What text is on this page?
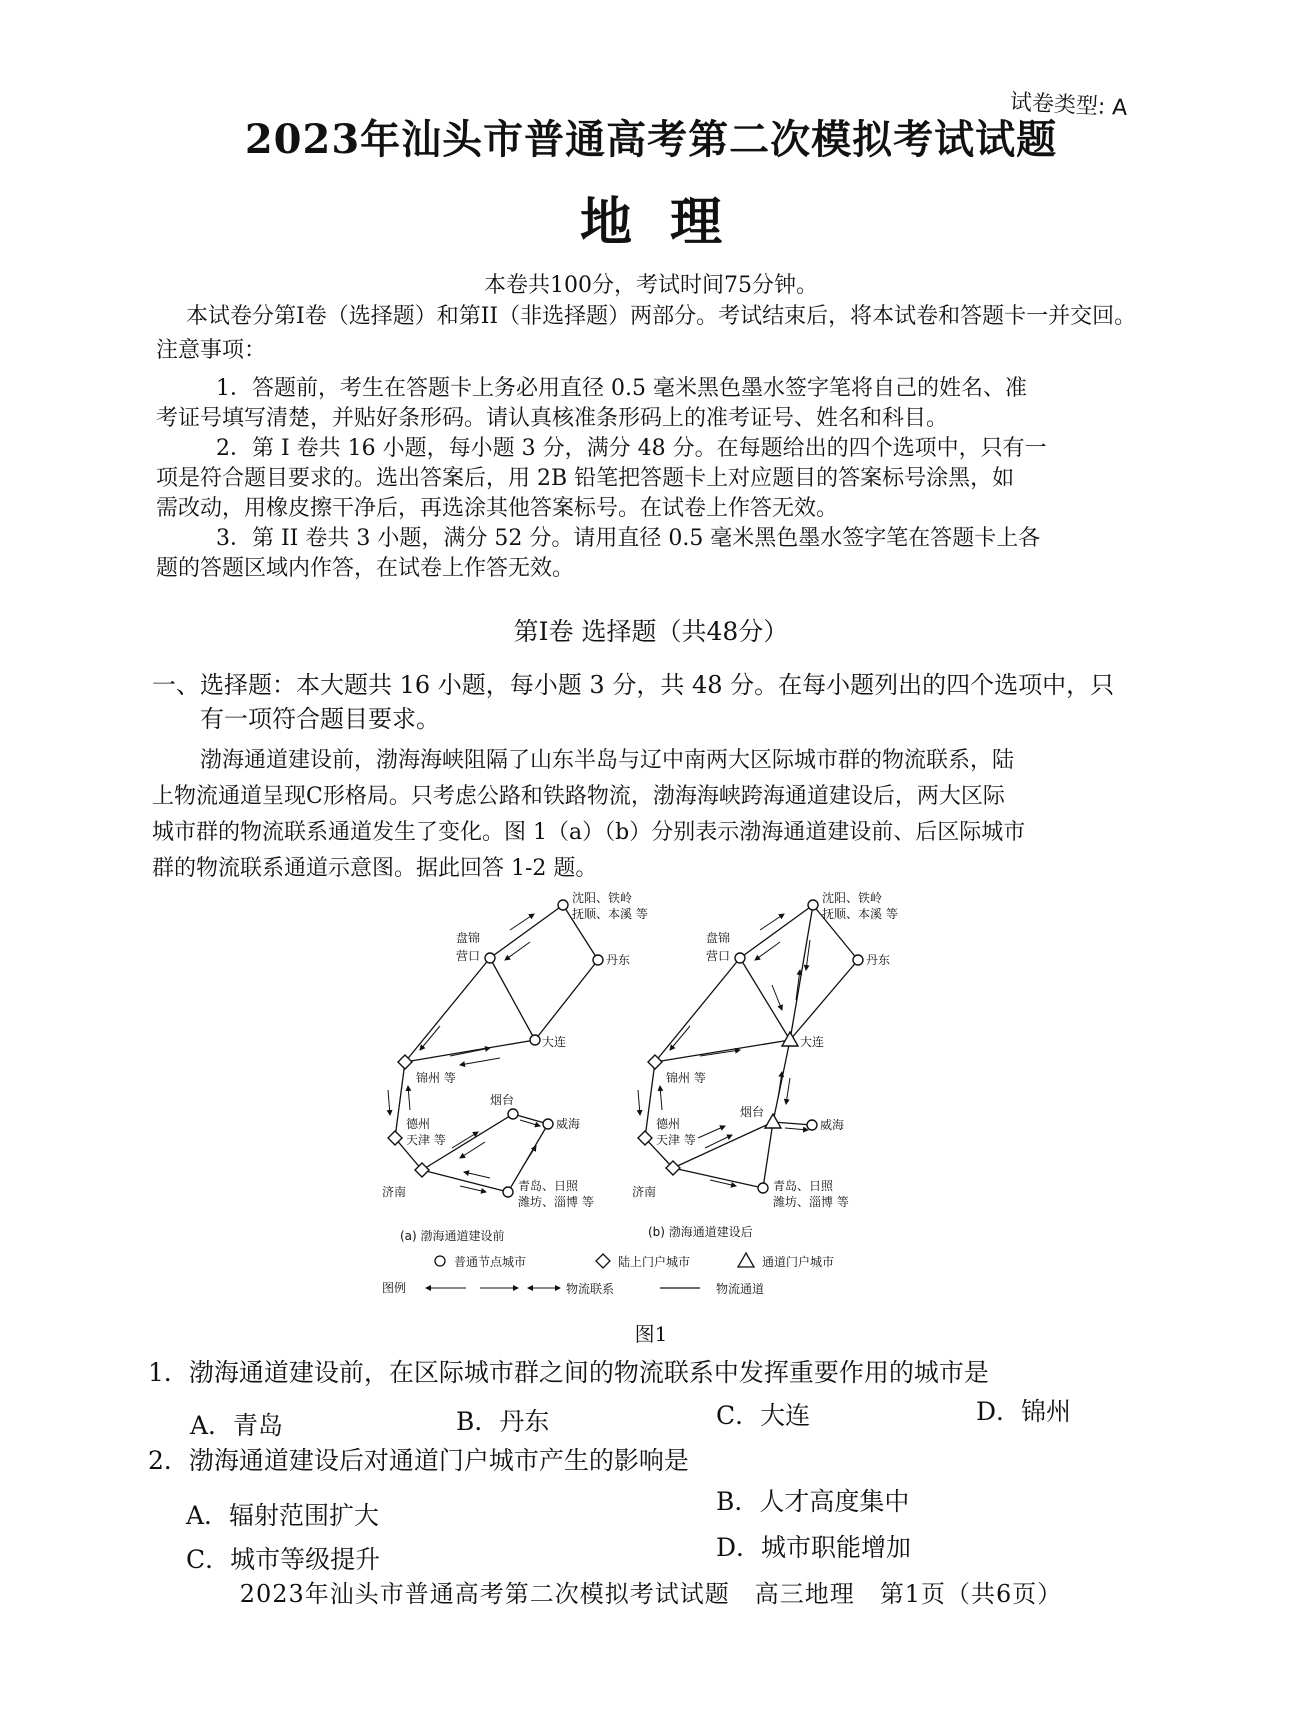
试卷类型: A
2023年汕头市普通高考第二次模拟考试试题
地理
本卷共100分，考试时间75分钟。
本试卷分第I卷（选择题）和第II（非选择题）两部分。考试结束后，将本试卷和答题卡一并交回。
注意事项：
1．答题前，考生在答题卡上务必用直径 0.5 毫米黑色墨水签字笔将自己的姓名、准
考证号填写清楚，并贴好条形码。请认真核准条形码上的准考证号、姓名和科目。
2．第 I 卷共 16 小题，每小题 3 分，满分 48 分。在每题给出的四个选项中，只有一
项是符合题目要求的。选出答案后，用 2B 铅笔把答题卡上对应题目的答案标号涂黑，如
需改动，用橡皮擦干净后，再选涂其他答案标号。在试卷上作答无效。
3．第 II 卷共 3 小题，满分 52 分。请用直径 0.5 毫米黑色墨水签字笔在答题卡上各
题的答题区域内作答，在试卷上作答无效。
第I卷 选择题（共48分）
一、选择题：本大题共 16 小题，每小题 3 分，共 48 分。在每小题列出的四个选项中，只
有一项符合题目要求。
渤海通道建设前，渤海海峡阻隔了山东半岛与辽中南两大区际城市群的物流联系，陆
上物流通道呈现C形格局。只考虑公路和铁路物流，渤海海峡跨海通道建设后，两大区际
城市群的物流联系通道发生了变化。图 1（a）（b）分别表示渤海通道建设前、后区际城市
群的物流联系通道示意图。据此回答 1-2 题。
沈阳、铁岭
抚顺、本溪 等
盘锦
营口	丹东
大连
锦州 等
烟台
威海
德州
天津 等
济南	青岛、日照
潍坊、淄博 等
沈阳、铁岭
抚顺、本溪 等
盘锦
营口	丹东
大连
锦州 等
烟台
威海
德州
天津 等
济南	青岛、日照
潍坊、淄博 等
(a) 渤海通道建设前	(b) 渤海通道建设后
普通节点城市	陆上门户城市	通道门户城市
图例	物流联系	物流通道
图1
1．渤海通道建设前，在区际城市群之间的物流联系中发挥重要作用的城市是
A．青岛	B．丹东	C．大连	D．锦州
2．渤海通道建设后对通道门户城市产生的影响是
A．辐射范围扩大	B．人才高度集中
C．城市等级提升	D．城市职能增加
2023年汕头市普通高考第二次模拟考试试题　高三地理　第1页（共6页）
